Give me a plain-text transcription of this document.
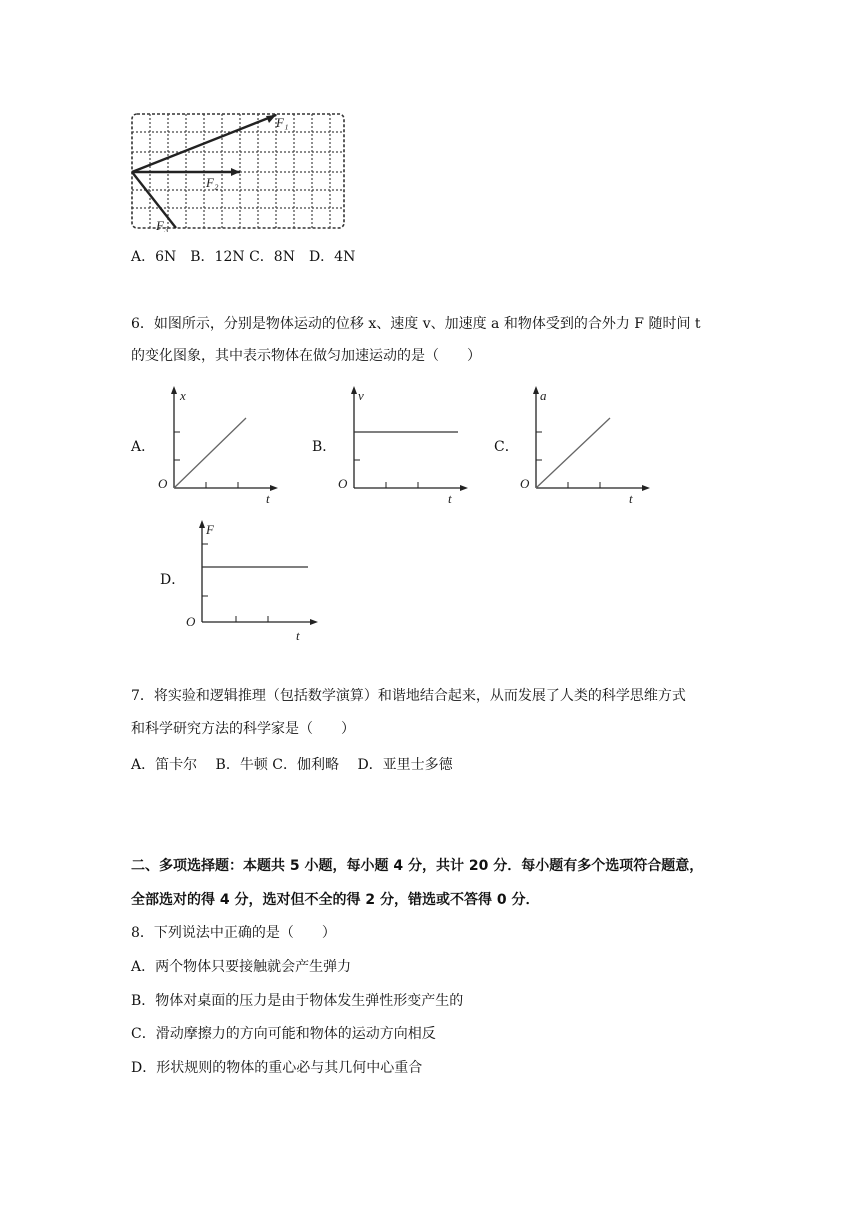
F₁
F₂
F₃
A．6N　B．12N C．8N　D．4N
6．如图所示，分别是物体运动的位移 x、速度 v、加速度 a 和物体受到的合外力 F 随时间 t
的变化图象，其中表示物体在做匀加速运动的是（　　）
A．
x
t
O
B．
v
t
O
C．
a
t
O
D．
F
t
O
7．将实验和逻辑推理（包括数学演算）和谐地结合起来，从而发展了人类的科学思维方式
和科学研究方法的科学家是（　　）
A．笛卡尔　 B．牛顿 C．伽利略　 D．亚里士多德
二、多项选择题：本题共 5 小题，每小题 4 分，共计 20 分．每小题有多个选项符合题意，
全部选对的得 4 分，选对但不全的得 2 分，错选或不答得 0 分．
8．下列说法中正确的是（　　）
A．两个物体只要接触就会产生弹力
B．物体对桌面的压力是由于物体发生弹性形变产生的
C．滑动摩擦力的方向可能和物体的运动方向相反
D．形状规则的物体的重心必与其几何中心重合
